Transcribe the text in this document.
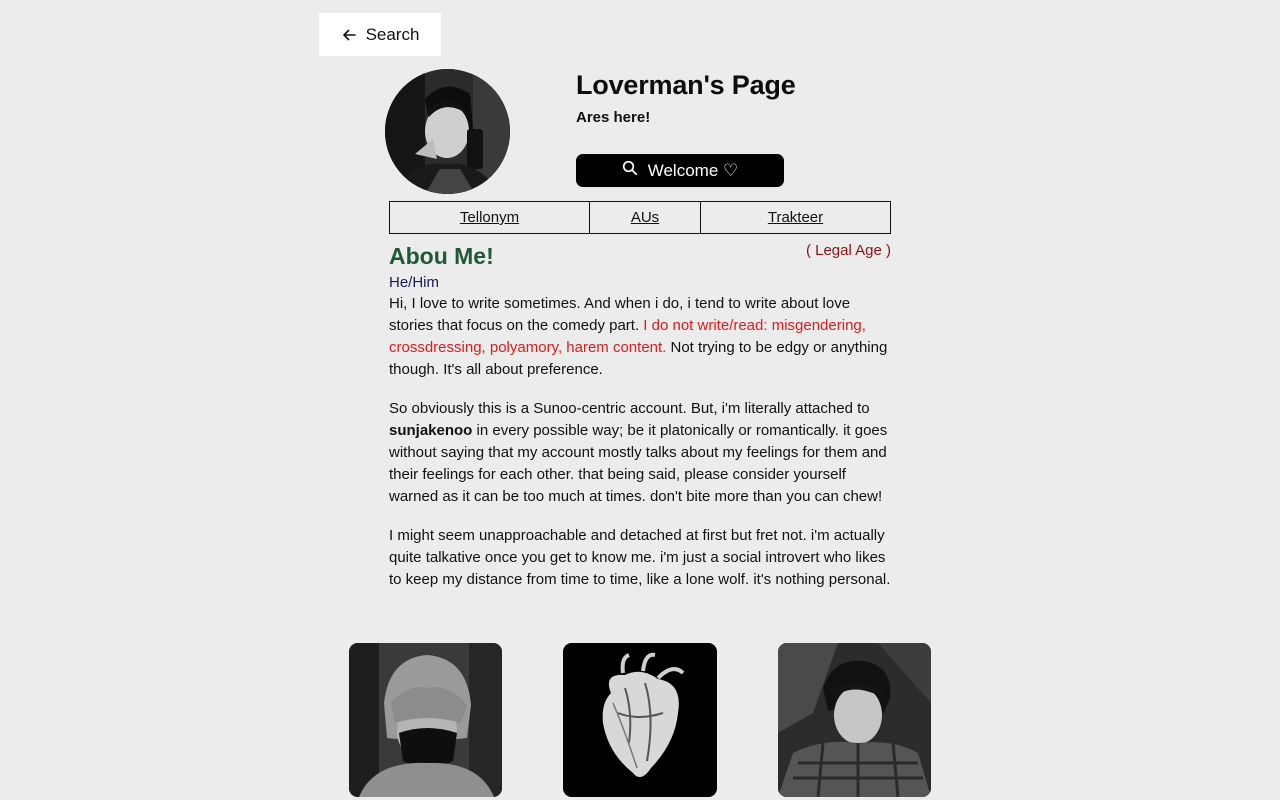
Search
Loverman's Page

Ares here!

Welcome ♡
Tellonym	AUs	Trakteer
Abou Me!	( Legal Age )
He/Him

Hi, I love to write sometimes. And when i do, i tend to write about love stories that focus on the comedy part. I do not write/read: misgendering, crossdressing, polyamory, harem content. Not trying to be edgy or anything though. It's all about preference.

So obviously this is a Sunoo-centric account. But, i'm literally attached to sunjakenoo in every possible way; be it platonically or romantically. it goes without saying that my account mostly talks about my feelings for them and their feelings for each other. that being said, please consider yourself warned as it can be too much at times. don't bite more than you can chew!

I might seem unapproachable and detached at first but fret not. i'm actually quite talkative once you get to know me. i'm just a social introvert who likes to keep my distance from time to time, like a lone wolf. it's nothing personal.
